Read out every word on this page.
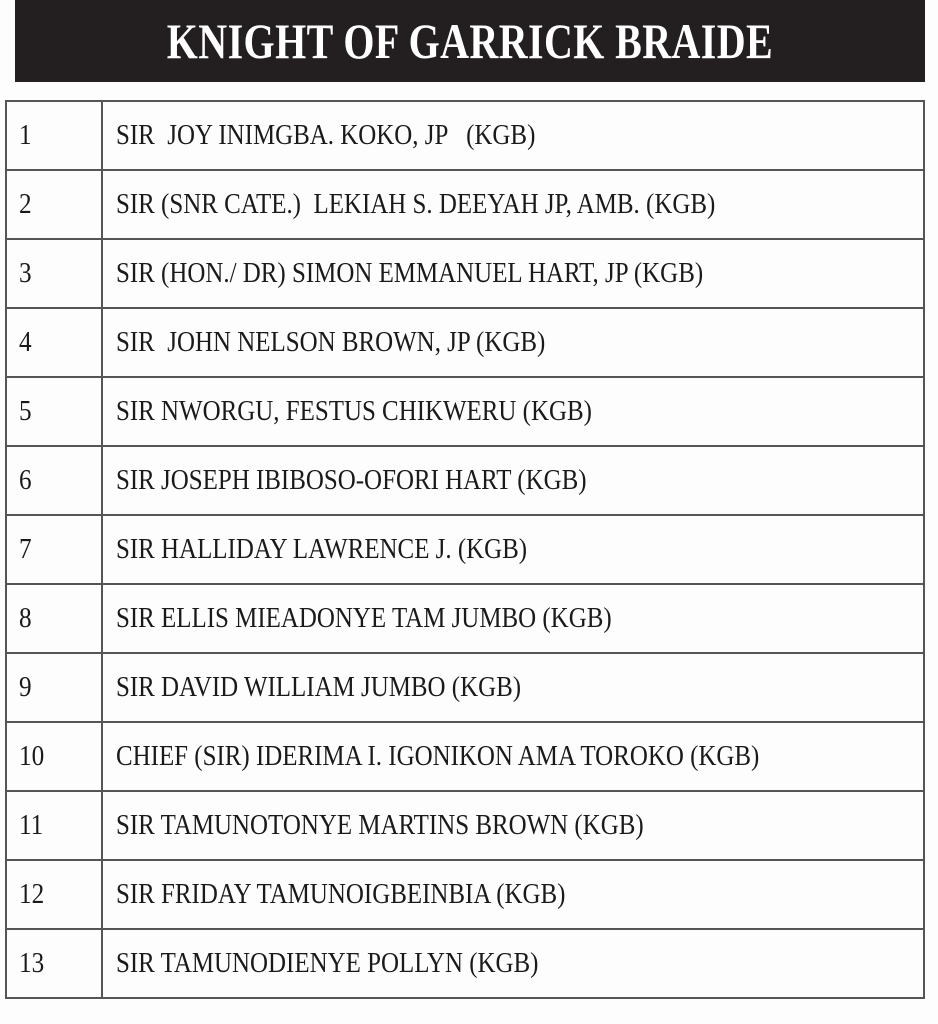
KNIGHT OF GARRICK BRAIDE
1	SIR  JOY INIMGBA. KOKO, JP   (KGB)
2	SIR (SNR CATE.)  LEKIAH S. DEEYAH JP, AMB. (KGB)
3	SIR (HON./ DR) SIMON EMMANUEL HART, JP (KGB)
4	SIR  JOHN NELSON BROWN, JP (KGB)
5	SIR NWORGU, FESTUS CHIKWERU (KGB)
6	SIR JOSEPH IBIBOSO-OFORI HART (KGB)
7	SIR HALLIDAY LAWRENCE J. (KGB)
8	SIR ELLIS MIEADONYE TAM JUMBO (KGB)
9	SIR DAVID WILLIAM JUMBO (KGB)
10	CHIEF (SIR) IDERIMA I. IGONIKON AMA TOROKO (KGB)
11	SIR TAMUNOTONYE MARTINS BROWN (KGB)
12	SIR FRIDAY TAMUNOIGBEINBIA (KGB)
13	SIR TAMUNODIENYE POLLYN (KGB)
